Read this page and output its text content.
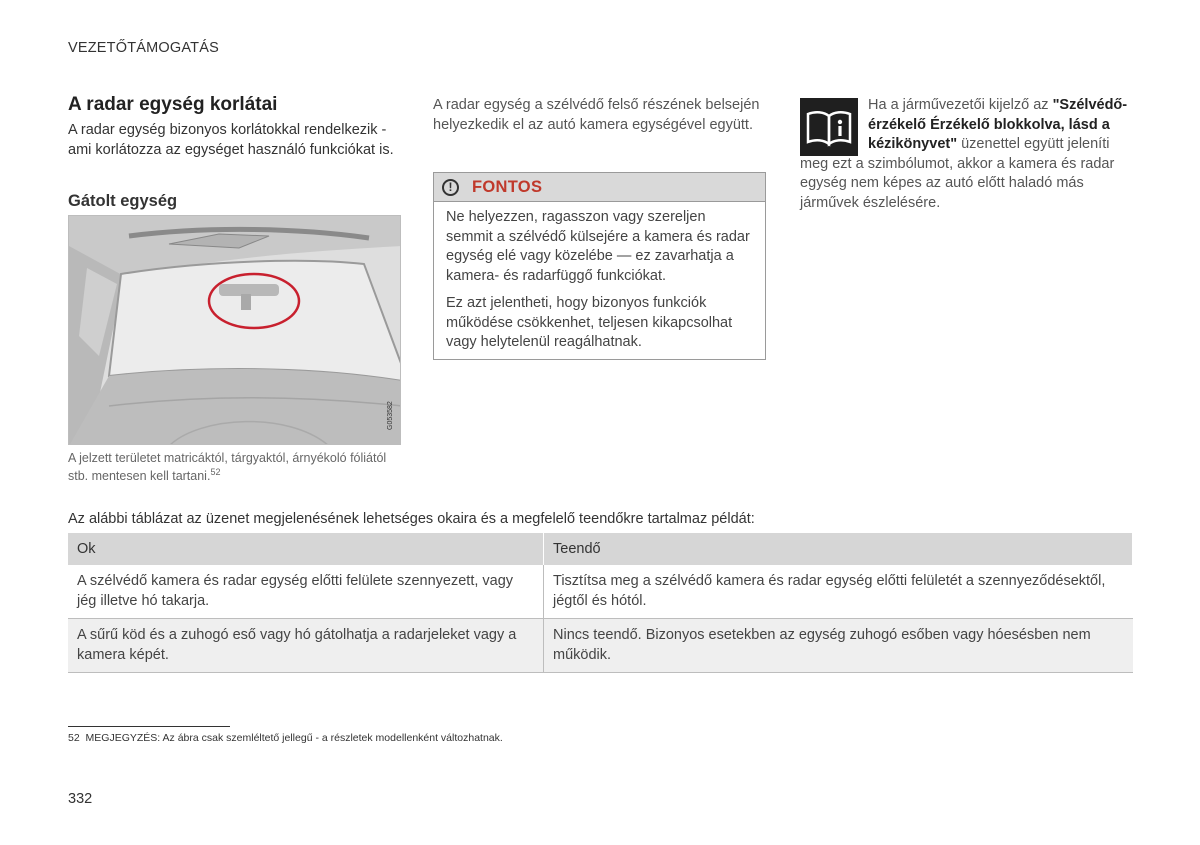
VEZETŐTÁMOGATÁS
A radar egység korlátai
A radar egység bizonyos korlátokkal rendelkezik - ami korlátozza az egységet használó funkciókat is.
Gátolt egység
G053582
A jelzett területet matricáktól, tárgyaktól, árnyékoló fóliától stb. mentesen kell tartani.$^{52}$
A radar egység a szélvédő felső részének belsején helyezkedik el az autó kamera egységével együtt.
!	FONTOS

Ne helyezzen, ragasszon vagy szereljen semmit a szélvédő külsejére a kamera és radar egység elé vagy közelébe — ez zavarhatja a kamera- és radarfüggő funkciókat.

Ez azt jelentheti, hogy bizonyos funkciók működése csökkenhet, teljesen kikapcsolhat vagy helytelenül reagálhatnak.

Ha a járművezetői kijelző az "Szélvédő-érzékelő Érzékelő blokkolva, lásd a kézikönyvet" üzenettel együtt jeleníti meg ezt a szimbólumot, akkor a kamera és radar egység nem képes az autó előtt haladó más járművek észlelésére.
Az alábbi táblázat az üzenet megjelenésének lehetséges okaira és a megfelelő teendőkre tartalmaz példát:
Ok	Teendő
A szélvédő kamera és radar egység előtti felülete szennyezett, vagy jég illetve hó takarja.	Tisztítsa meg a szélvédő kamera és radar egység előtti felületét a szennyeződésektől, jégtől és hótól.
A sűrű köd és a zuhogó eső vagy hó gátolhatja a radarjeleket vagy a kamera képét.	Nincs teendő. Bizonyos esetekben az egység zuhogó esőben vagy hóesésben nem működik.
52 MEGJEGYZÉS: Az ábra csak szemléltető jellegű - a részletek modellenként változhatnak.
332
